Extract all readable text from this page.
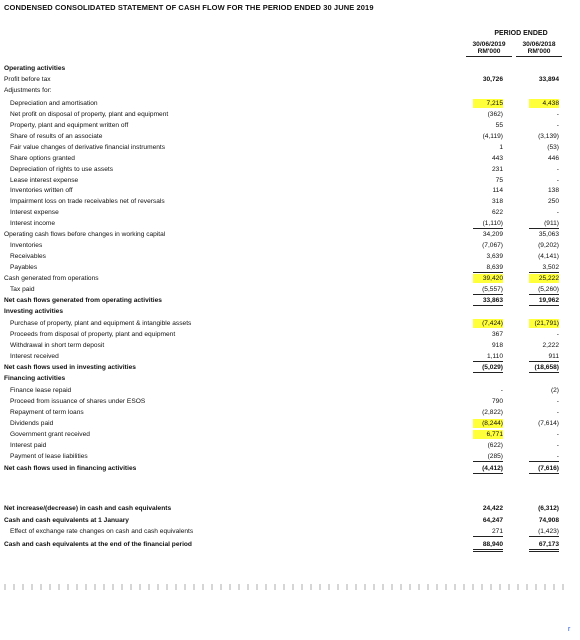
CONDENSED CONSOLIDATED STATEMENT OF CASH FLOW FOR THE PERIOD ENDED 30 JUNE 2019
PERIOD ENDED
30/06/2019
RM'000
30/06/2018
RM'000
Operating activities
Profit before tax	30,726	33,894
Adjustments for:
Depreciation and amortisation	7,215	4,438
Net profit on disposal of property, plant and equipment	(362)	-
Property, plant and equipment written off	55	-
Share of results of an associate	(4,119)	(3,139)
Fair value changes of derivative financial instruments	1	(53)
Share options granted	443	446
Depreciation of rights to use assets	231	-
Lease interest expense	75	-
Inventories written off	114	138
Impairment loss on trade receivables net of reversals	318	250
Interest expense	622	-
Interest income	(1,110)	(911)
Operating cash flows before changes in working capital	34,209	35,063
Inventories	(7,067)	(9,202)
Receivables	3,639	(4,141)
Payables	8,639	3,502
Cash generated from operations	39,420	25,222
Tax paid	(5,557)	(5,260)
Net cash flows generated from operating activities	33,863	19,962
Investing activities
Purchase of property, plant and equipment & intangible assets	(7,424)	(21,791)
Proceeds from disposal of property, plant and equipment	367	-
Withdrawal in short term deposit	918	2,222
Interest received	1,110	911
Net cash flows used in investing activities	(5,029)	(18,658)
Financing activities
Finance lease repaid	-	(2)
Proceed from issuance of shares under ESOS	790	-
Repayment of term loans	(2,822)	-
Dividends paid	(8,244)	(7,614)
Government grant received	6,771	-
Interest paid	(622)	-
Payment of lease liabilities	(285)	-
Net cash flows used in financing activities	(4,412)	(7,616)
Net increase/(decrease) in cash and cash equivalents	24,422	(6,312)
Cash and cash equivalents at 1 January	64,247	74,908
Effect of exchange rate changes on cash and cash equivalents	271	(1,423)
Cash and cash equivalents at the end of the financial period	88,940	67,173
r
